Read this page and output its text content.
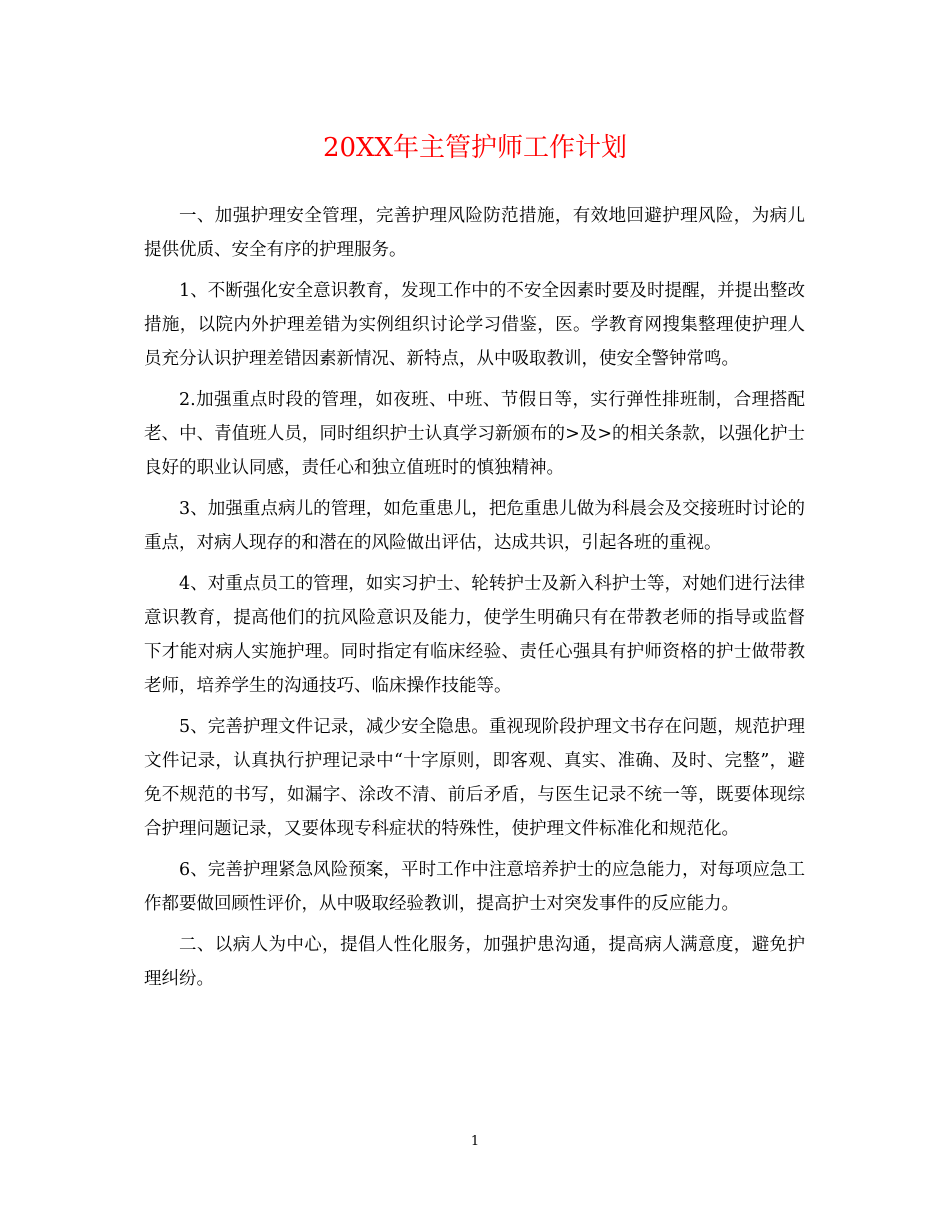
20XX年主管护师工作计划

一、加强护理安全管理，完善护理风险防范措施，有效地回避护理风险，为病儿提供优质、安全有序的护理服务。

1、不断强化安全意识教育，发现工作中的不安全因素时要及时提醒，并提出整改措施，以院内外护理差错为实例组织讨论学习借鉴，医。学教育网搜集整理使护理人员充分认识护理差错因素新情况、新特点，从中吸取教训，使安全警钟常鸣。

2.加强重点时段的管理，如夜班、中班、节假日等，实行弹性排班制，合理搭配老、中、青值班人员，同时组织护士认真学习新颁布的>及>的相关条款，以强化护士良好的职业认同感，责任心和独立值班时的慎独精神。

3、加强重点病儿的管理，如危重患儿，把危重患儿做为科晨会及交接班时讨论的重点，对病人现存的和潜在的风险做出评估，达成共识，引起各班的重视。

4、对重点员工的管理，如实习护士、轮转护士及新入科护士等，对她们进行法律意识教育，提高他们的抗风险意识及能力，使学生明确只有在带教老师的指导或监督下才能对病人实施护理。同时指定有临床经验、责任心强具有护师资格的护士做带教老师，培养学生的沟通技巧、临床操作技能等。

5、完善护理文件记录，减少安全隐患。重视现阶段护理文书存在问题，规范护理文件记录，认真执行护理记录中“十字原则，即客观、真实、准确、及时、完整”，避免不规范的书写，如漏字、涂改不清、前后矛盾，与医生记录不统一等，既要体现综合护理问题记录，又要体现专科症状的特殊性，使护理文件标准化和规范化。

6、完善护理紧急风险预案，平时工作中注意培养护士的应急能力，对每项应急工作都要做回顾性评价，从中吸取经验教训，提高护士对突发事件的反应能力。

二、以病人为中心，提倡人性化服务，加强护患沟通，提高病人满意度，避免护理纠纷。

1
